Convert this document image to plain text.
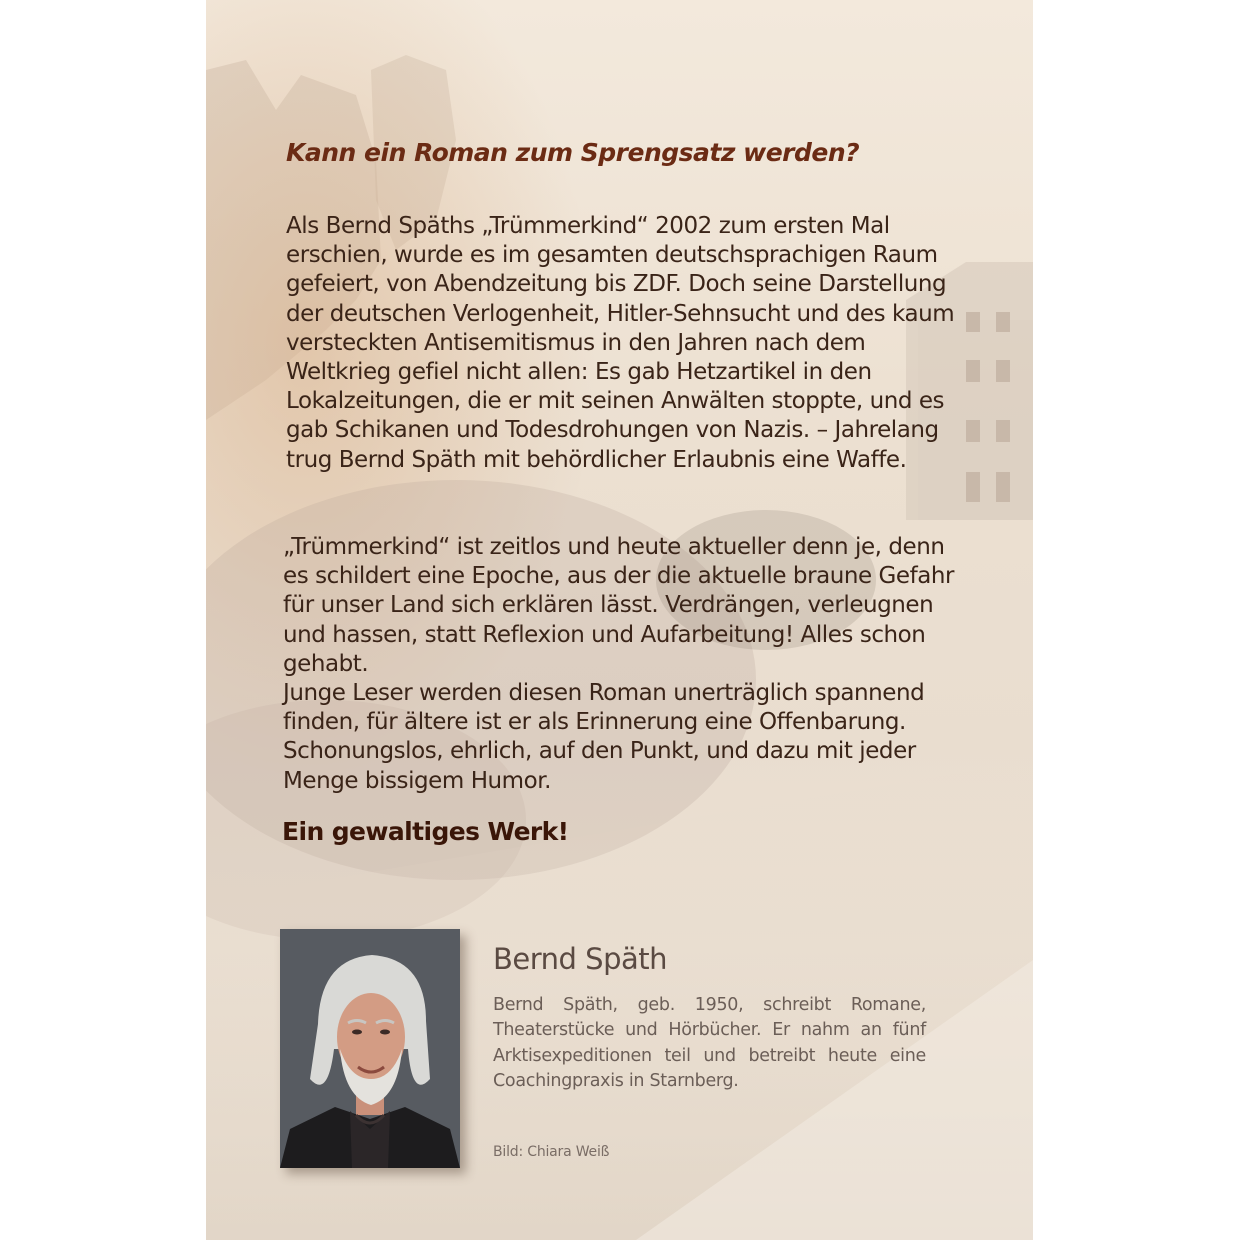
Kann ein Roman zum Sprengsatz werden?

Als Bernd Späths „Trümmerkind“ 2002 zum ersten Mal erschien, wurde es im gesamten deutschsprachigen Raum gefeiert, von Abendzeitung bis ZDF. Doch seine Darstellung der deutschen Verlogenheit, Hitler-Sehnsucht und des kaum versteckten Antisemitismus in den Jahren nach dem Weltkrieg gefiel nicht allen: Es gab Hetzartikel in den Lokalzeitungen, die er mit seinen Anwälten stoppte, und es gab Schikanen und Todesdrohungen von Nazis. – Jahrelang trug Bernd Späth mit behördlicher Erlaubnis eine Waffe.

„Trümmerkind“ ist zeitlos und heute aktueller denn je, denn es schildert eine Epoche, aus der die aktuelle braune Gefahr für unser Land sich erklären lässt. Verdrängen, verleugnen und hassen, statt Reflexion und Aufarbeitung! Alles schon gehabt.

Junge Leser werden diesen Roman unerträglich spannend finden, für ältere ist er als Erinnerung eine Offenbarung. Schonungslos, ehrlich, auf den Punkt, und dazu mit jeder Menge bissigem Humor.

Ein gewaltiges Werk!
Bernd Späth

Bernd Späth, geb. 1950, schreibt Romane, Theaterstücke und Hörbücher. Er nahm an fünf Arktisexpeditionen teil und betreibt heute eine Coachingpraxis in Starnberg.

Bild: Chiara Weiß
